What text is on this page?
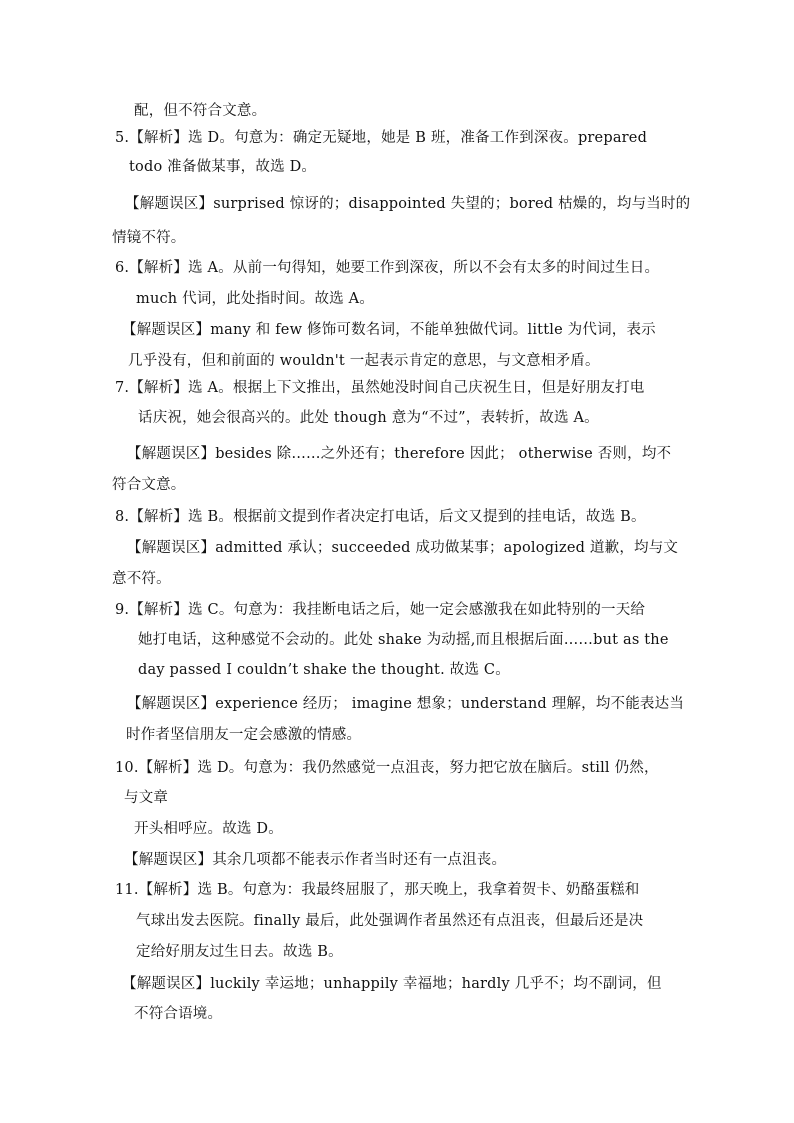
配，但不符合文意。
5.【解析】选 D。句意为：确定无疑地，她是 B 班，准备工作到深夜。prepared
todo 准备做某事，故选 D。
【解题误区】surprised 惊讶的；disappointed 失望的；bored 枯燥的，均与当时的
情镜不符。
6.【解析】选 A。从前一句得知，她要工作到深夜，所以不会有太多的时间过生日。
much 代词，此处指时间。故选 A。
【解题误区】many 和 few 修饰可数名词，不能单独做代词。little 为代词，表示
几乎没有，但和前面的 wouldn't 一起表示肯定的意思，与文意相矛盾。
7.【解析】选 A。根据上下文推出，虽然她没时间自己庆祝生日，但是好朋友打电
话庆祝，她会很高兴的。此处 though 意为“不过”，表转折，故选 A。
【解题误区】besides 除……之外还有；therefore 因此； otherwise 否则，均不
符合文意。
8.【解析】选 B。根据前文提到作者决定打电话，后文又提到的挂电话，故选 B。
【解题误区】admitted 承认；succeeded 成功做某事；apologized 道歉，均与文
意不符。
9.【解析】选 C。句意为：我挂断电话之后，她一定会感激我在如此特别的一天给
她打电话，这种感觉不会动的。此处 shake 为动摇,而且根据后面……but as the
day passed I couldn’t shake the thought. 故选 C。
【解题误区】experience 经历； imagine 想象；understand 理解，均不能表达当
时作者坚信朋友一定会感激的情感。
10.【解析】选 D。句意为：我仍然感觉一点沮丧，努力把它放在脑后。still 仍然，
与文章
开头相呼应。故选 D。
【解题误区】其余几项都不能表示作者当时还有一点沮丧。
11.【解析】选 B。句意为：我最终屈服了，那天晚上，我拿着贺卡、奶酪蛋糕和
气球出发去医院。finally 最后，此处强调作者虽然还有点沮丧，但最后还是决
定给好朋友过生日去。故选 B。
【解题误区】luckily 幸运地；unhappily 幸福地；hardly 几乎不；均不副词，但
不符合语境。
